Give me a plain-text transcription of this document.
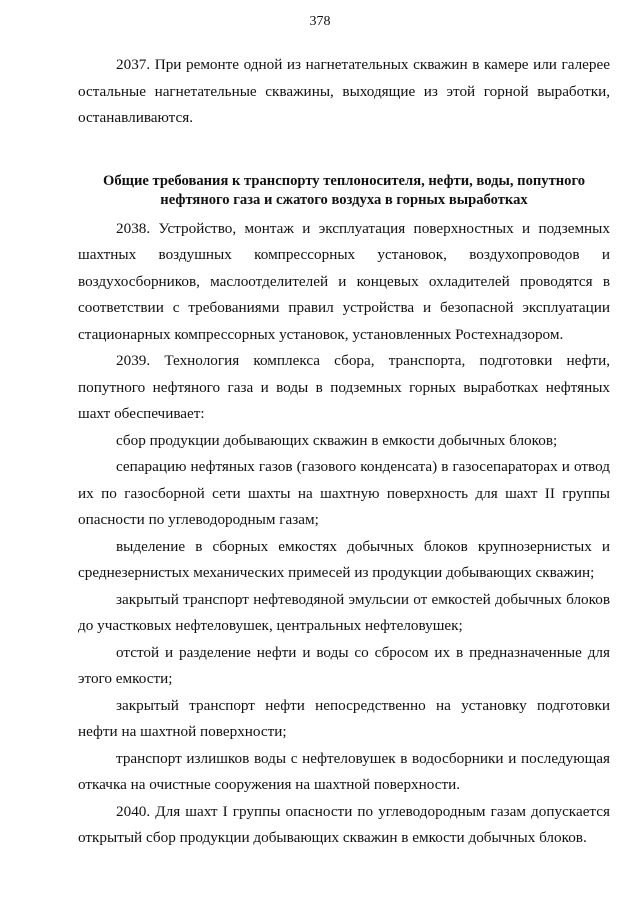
378

2037. При ремонте одной из нагнетательных скважин в камере или галерее остальные нагнетательные скважины, выходящие из этой горной выработки, останавливаются.

Общие требования к транспорту теплоносителя, нефти, воды, попутного нефтяного газа и сжатого воздуха в горных выработках

2038. Устройство, монтаж и эксплуатация поверхностных и подземных шахтных воздушных компрессорных установок, воздухопроводов и воздухосборников, маслоотделителей и концевых охладителей проводятся в соответствии с требованиями правил устройства и безопасной эксплуатации стационарных компрессорных установок, установленных Ростехнадзором.

2039. Технология комплекса сбора, транспорта, подготовки нефти, попутного нефтяного газа и воды в подземных горных выработках нефтяных шахт обеспечивает:

сбор продукции добывающих скважин в емкости добычных блоков;

сепарацию нефтяных газов (газового конденсата) в газосепараторах и отвод их по газосборной сети шахты на шахтную поверхность для шахт II группы опасности по углеводородным газам;

выделение в сборных емкостях добычных блоков крупнозернистых и среднезернистых механических примесей из продукции добывающих скважин;

закрытый транспорт нефтеводяной эмульсии от емкостей добычных блоков до участковых нефтеловушек, центральных нефтеловушек;

отстой и разделение нефти и воды со сбросом их в предназначенные для этого емкости;

закрытый транспорт нефти непосредственно на установку подготовки нефти на шахтной поверхности;

транспорт излишков воды с нефтеловушек в водосборники и последующая откачка на очистные сооружения на шахтной поверхности.

2040. Для шахт I группы опасности по углеводородным газам допускается открытый сбор продукции добывающих скважин в емкости добычных блоков.
